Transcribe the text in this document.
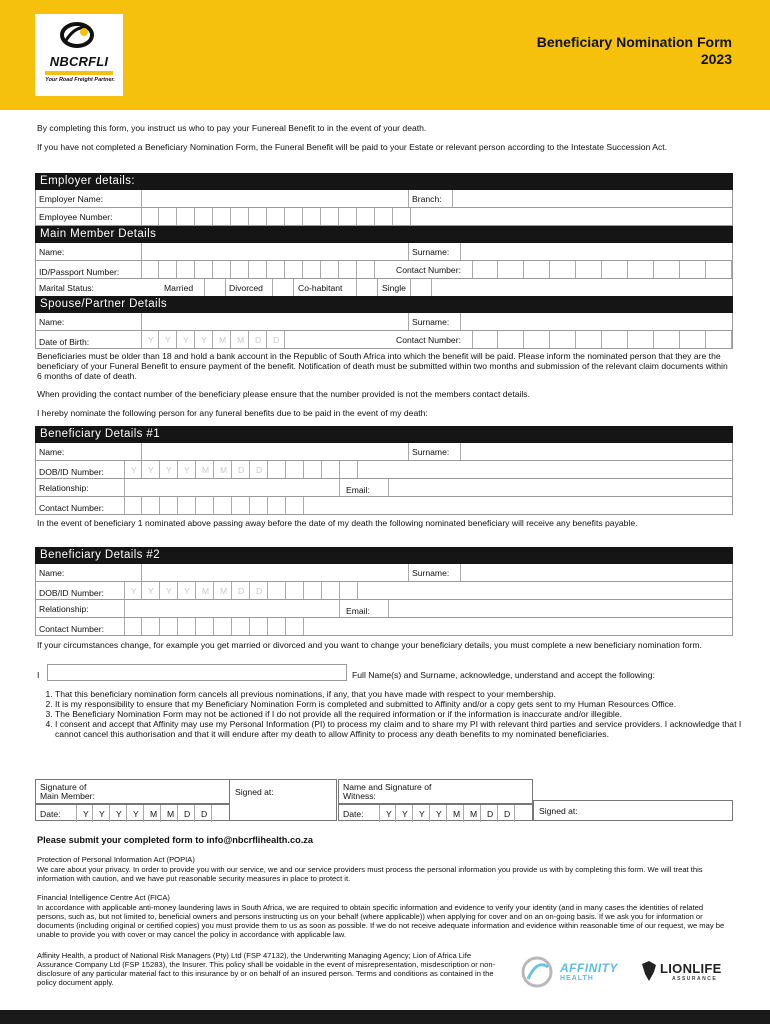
NBCRFLI
Your Road Freight Partner.
Beneficiary Nomination Form
2023
By completing this form, you instruct us who to pay your Funereal Benefit to in the event of your death.
If you have not completed a Beneficiary Nomination Form, the Funeral Benefit will be paid to your Estate or relevant person according to the Intestate Succession Act.
Employer details:
Employer Name:	Branch:
Employee Number:
Main Member Details
Name:	Surname:
ID/Passport Number:	Contact Number:
Marital Status:	Married	Divorced	Co-habitant	Single
Spouse/Partner Details
Name:	Surname:
Date of Birth:	Y Y Y Y M M D D	Contact Number:
Beneficiaries must be older than 18 and hold a bank account in the Republic of South Africa into which the benefit will be paid. Please inform the nominated person that they are the beneficiary of your Funeral Benefit to ensure payment of the benefit. Notification of death must be submitted within two months and submission of the relevant claim documents within 6 months of date of death.
When providing the contact number of the beneficiary please ensure that the number provided is not the members contact details.
I hereby nominate the following person for any funeral benefits due to be paid in the event of my death:
Beneficiary Details #1
Name:	Surname:
DOB/ID Number:	Y Y Y Y M M D D
Relationship:	Email:
Contact Number:
In the event of beneficiary 1 nominated above passing away before the date of my death the following nominated beneficiary will receive any benefits payable.
Beneficiary Details #2
Name:	Surname:
DOB/ID Number:	Y Y Y Y M M D D
Relationship:	Email:
Contact Number:
If your circumstances change, for example you get married or divorced and you want to change your beneficiary details, you must complete a new beneficiary nomination form.
I	Full Name(s) and Surname, acknowledge, understand and accept the following:
1. That this beneficiary nomination form cancels all previous nominations, if any, that you have made with respect to your membership.
2. It is my responsibility to ensure that my Beneficiary Nomination Form is completed and submitted to Affinity and/or a copy gets sent to my Human Resources Office.
3. The Beneficiary Nomination Form may not be actioned if I do not provide all the required information or if the information is inaccurate and/or illegible.
4. I consent and accept that Affinity may use my Personal Information (PI) to process my claim and to share my PI with relevant third parties and service providers. I acknowledge that I cannot cancel this authorisation and that it will endure after my death to allow Affinity to process any death benefits to my nominated beneficiaries.
Signature of Main Member:	Signed at:
Date:	Y Y Y Y M M D D
Name and Signature of Witness:
Date:	Y Y Y Y M M D D	Signed at:
Please submit your completed form to info@nbcrflihealth.co.za
Protection of Personal Information Act (POPIA)
We care about your privacy. In order to provide you with our service, we and our service providers must process the personal information you provide us with by completing this form. We will treat this information with caution, and we have put reasonable security measures in place to protect it.
Financial Intelligence Centre Act (FICA)
In accordance with applicable anti-money laundering laws in South Africa, we are required to obtain specific information and evidence to verify your identity (and in many cases the identities of related persons, such as, but not limited to, beneficial owners and persons instructing us on your behalf (where applicable)) when applying for cover and on an on-going basis. If we ask you for information or documents (including original or certified copies) you must provide them to us as soon as possible. If we do not receive adequate information and evidence within reasonable time of our request, we may be unable to provide you with cover or may cancel the policy in accordance with applicable law.
Affinity Health, a product of National Risk Managers (Pty) Ltd (FSP 47132), the Underwriting Managing Agency; Lion of Africa Life Assurance Company Ltd (FSP 15283), the Insurer. This policy shall be voidable in the event of misrepresentation, misdescription or non-disclosure of any particular material fact to this insurance by or on behalf of an insured person. Terms and conditions as contained in the policy document apply.
AFFINITY
HEALTH
LIONLIFE
ASSURANCE
